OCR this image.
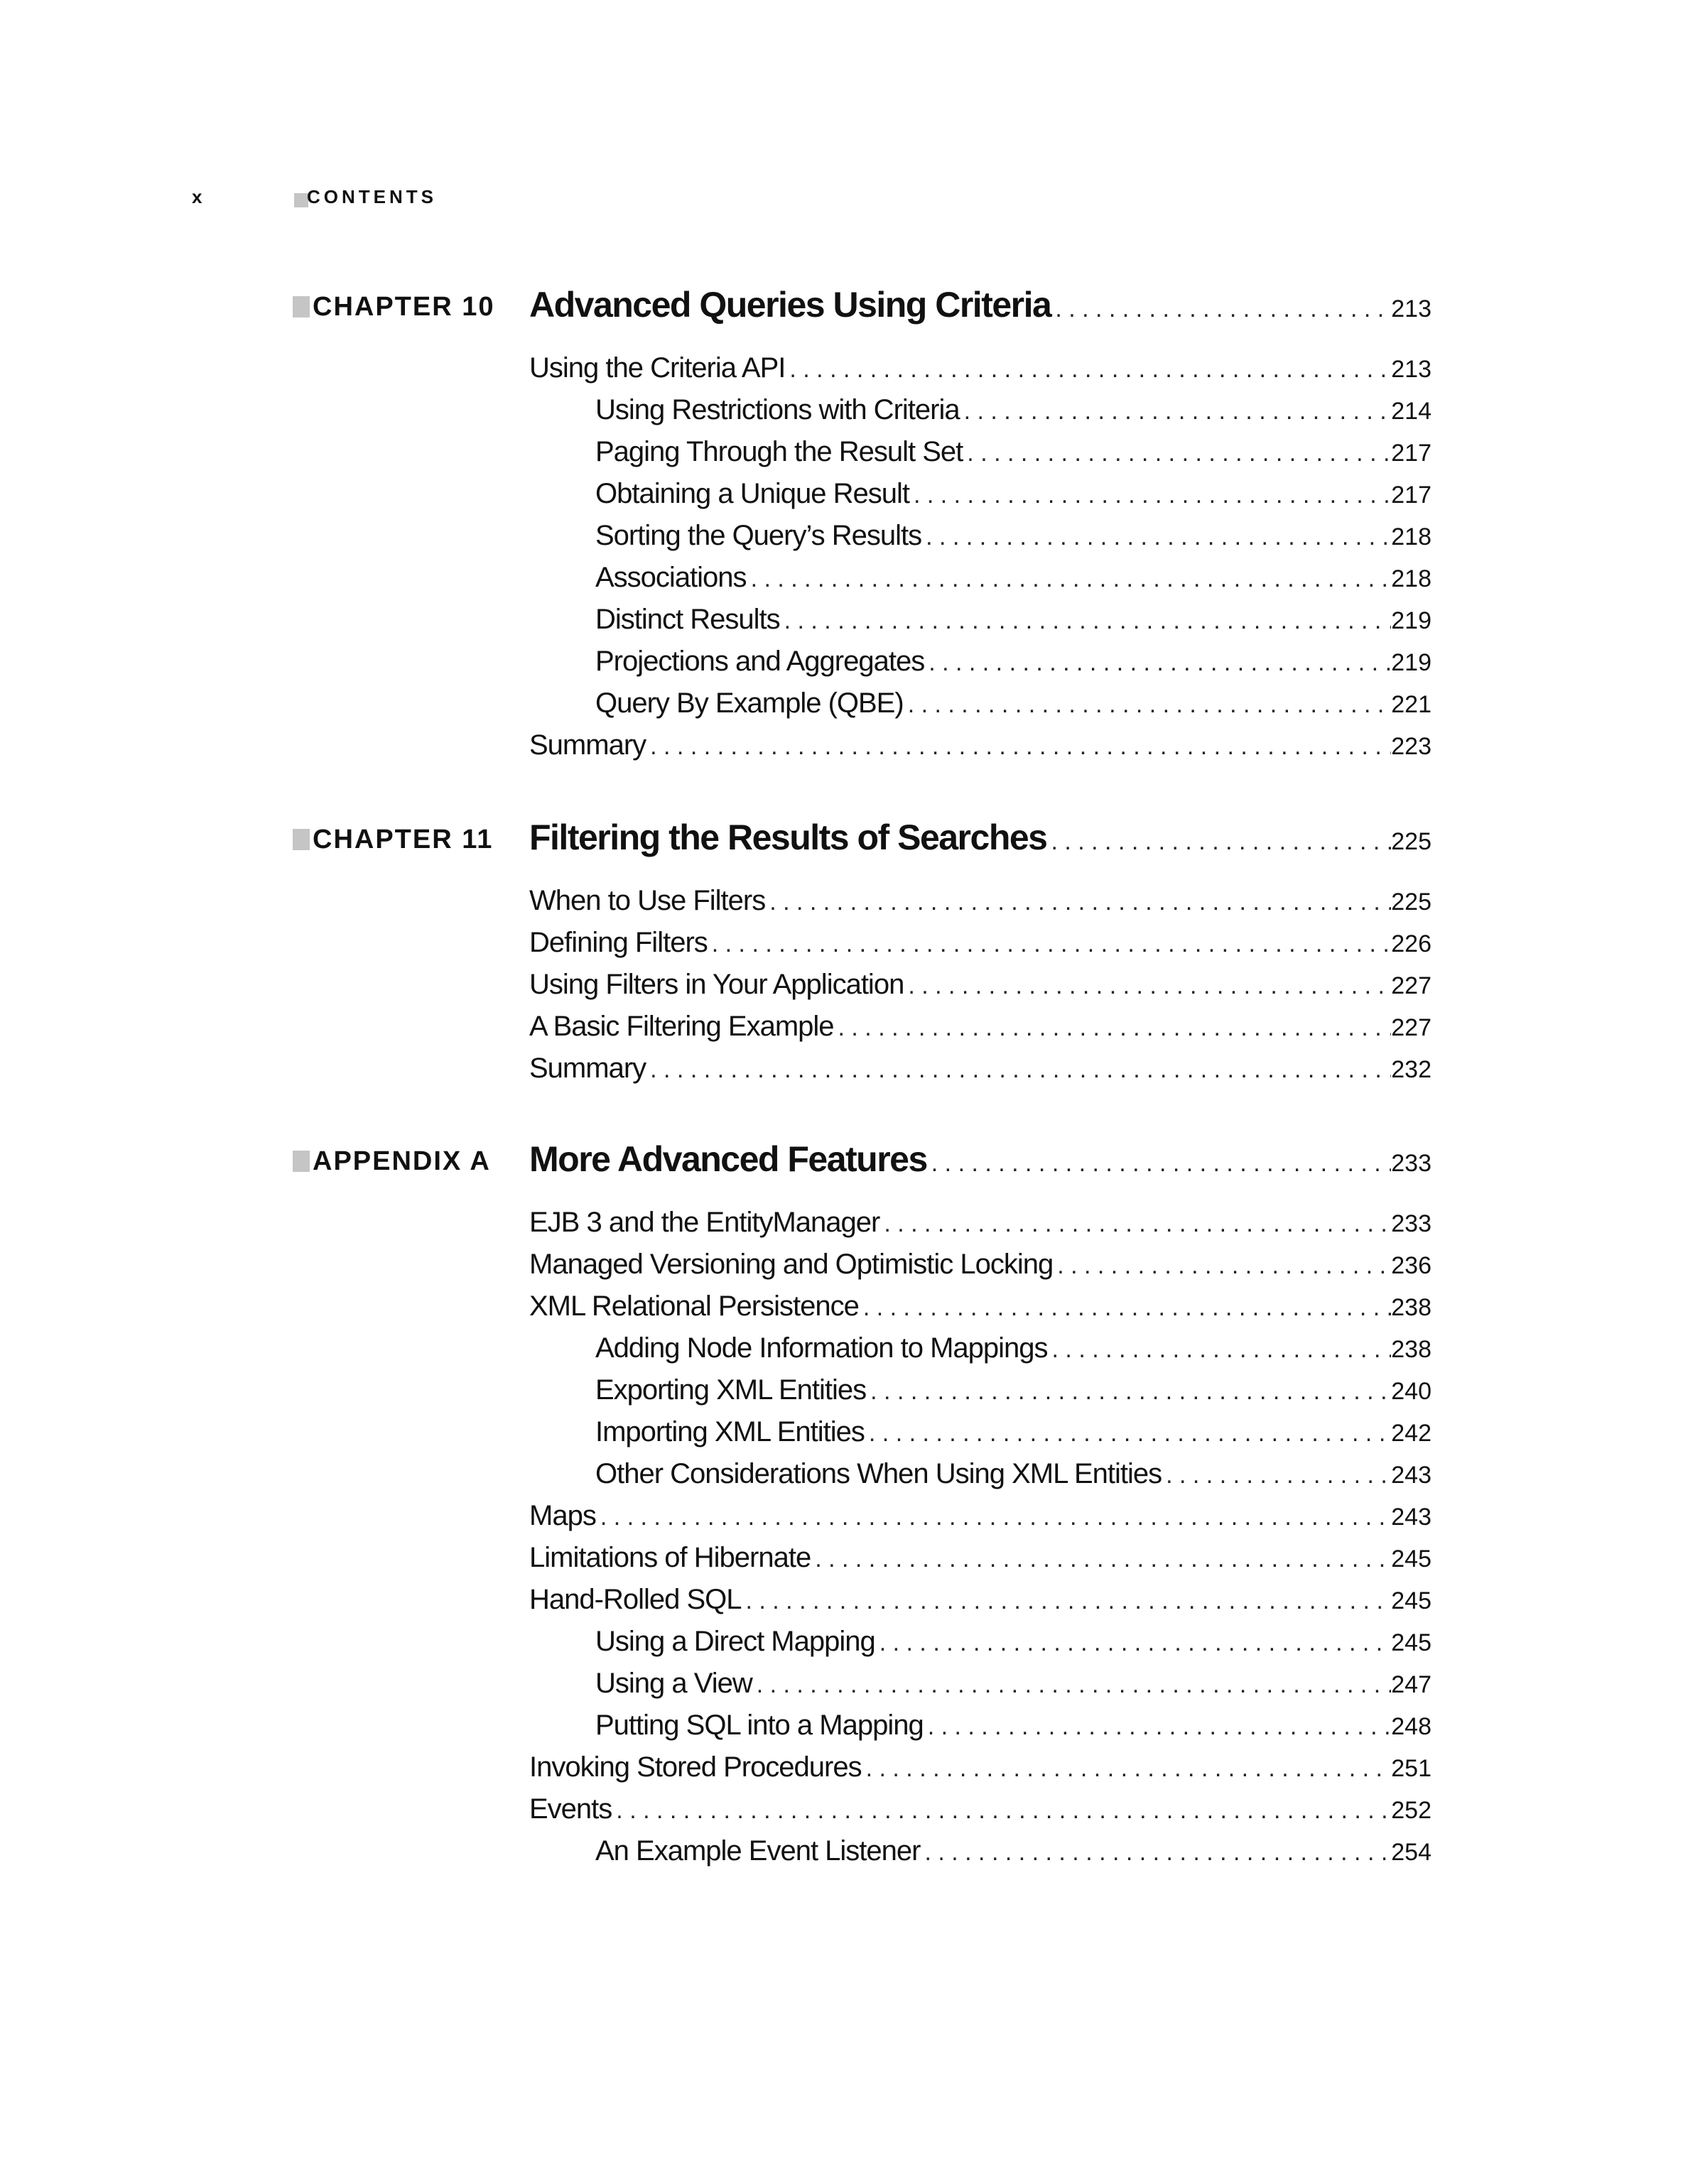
x	CONTENTS
CHAPTER 10 Advanced Queries Using Criteria . . .	213
Using the Criteria API . . .	213
Using Restrictions with Criteria . . .	214
Paging Through the Result Set . . .	217
Obtaining a Unique Result . . .	217
Sorting the Query’s Results . . .	218
Associations . . .	218
Distinct Results . . .	219
Projections and Aggregates . . .	219
Query By Example (QBE) . . .	221
Summary . . .	223
CHAPTER 11 Filtering the Results of Searches . . .	225
When to Use Filters . . .	225
Defining Filters . . .	226
Using Filters in Your Application . . .	227
A Basic Filtering Example . . .	227
Summary . . .	232
APPENDIX A More Advanced Features . . .	233
EJB 3 and the EntityManager . . .	233
Managed Versioning and Optimistic Locking . . .	236
XML Relational Persistence . . .	238
Adding Node Information to Mappings . . .	238
Exporting XML Entities . . .	240
Importing XML Entities . . .	242
Other Considerations When Using XML Entities . . .	243
Maps . . .	243
Limitations of Hibernate . . .	245
Hand-Rolled SQL . . .	245
Using a Direct Mapping . . .	245
Using a View . . .	247
Putting SQL into a Mapping . . .	248
Invoking Stored Procedures . . .	251
Events . . .	252
An Example Event Listener . . .	254
